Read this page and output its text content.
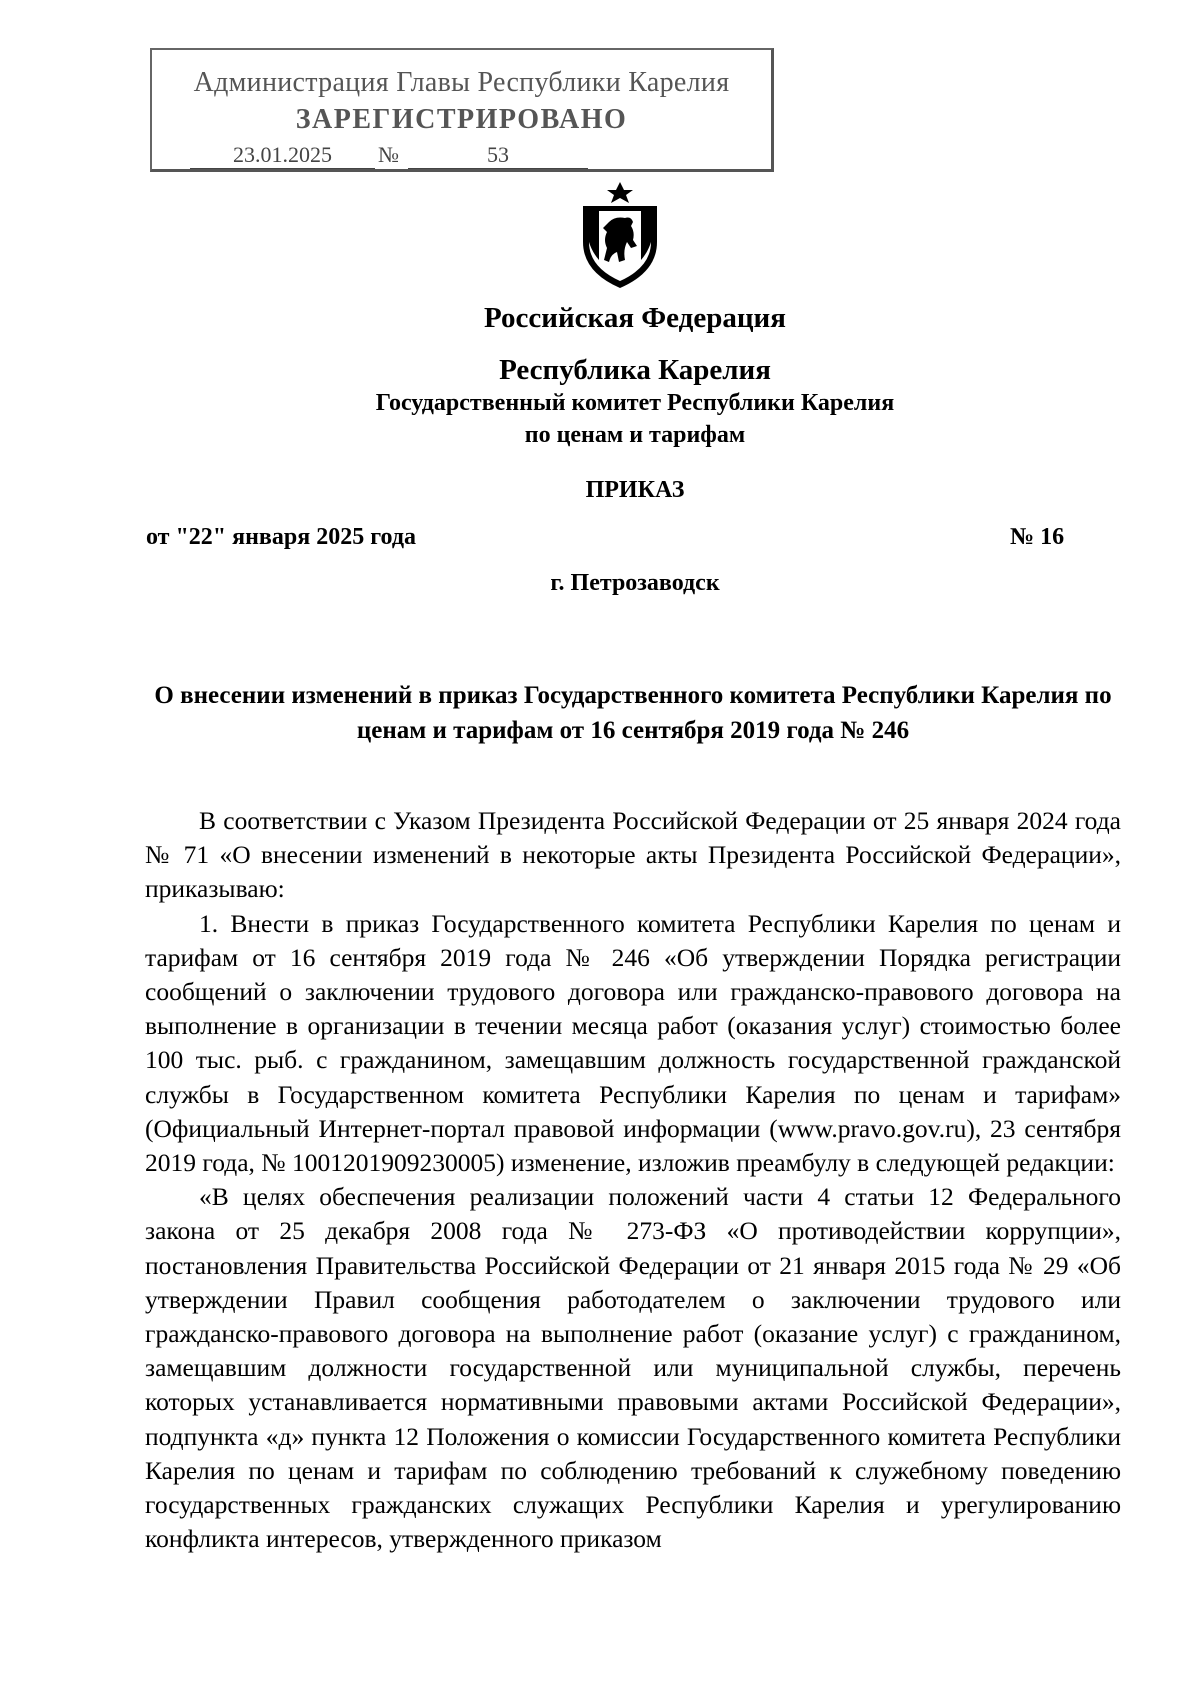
Администрация Главы Республики Карелия
ЗАРЕГИСТРИРОВАНО
23.01.2025	№	53
Российская Федерация
Республика Карелия
Государственный комитет Республики Карелия
по ценам и тарифам
ПРИКАЗ
от "22" января 2025 года	№ 16
г. Петрозаводск
О внесении изменений в приказ Государственного комитета Республики Карелия по ценам и тарифам от 16 сентября 2019 года № 246

В соответствии с Указом Президента Российской Федерации от 25 января 2024 года № 71 «О внесении изменений в некоторые акты Президента Российской Федерации», приказываю:

1. Внести в приказ Государственного комитета Республики Карелия по ценам и тарифам от 16 сентября 2019 года № 246 «Об утверждении Порядка регистрации сообщений о заключении трудового договора или гражданско-правового договора на выполнение в организации в течении месяца работ (оказания услуг) стоимостью более 100 тыс. рыб. с гражданином, замещавшим должность государственной гражданской службы в Государственном комитета Республики Карелия по ценам и тарифам» (Официальный Интернет-портал правовой информации (www.pravo.gov.ru), 23 сентября 2019 года, № 1001201909230005) изменение, изложив преамбулу в следующей редакции:

«В целях обеспечения реализации положений части 4 статьи 12 Федерального закона от 25 декабря 2008 года № 273-ФЗ «О противодействии коррупции», постановления Правительства Российской Федерации от 21 января 2015 года № 29 «Об утверждении Правил сообщения работодателем о заключении трудового или гражданско-правового договора на выполнение работ (оказание услуг) с гражданином, замещавшим должности государственной или муниципальной службы, перечень которых устанавливается нормативными правовыми актами Российской Федерации», подпункта «д» пункта 12 Положения о комиссии Государственного комитета Республики Карелия по ценам и тарифам по соблюдению требований к служебному поведению государственных гражданских служащих Республики Карелия и урегулированию конфликта интересов, утвержденного приказом
